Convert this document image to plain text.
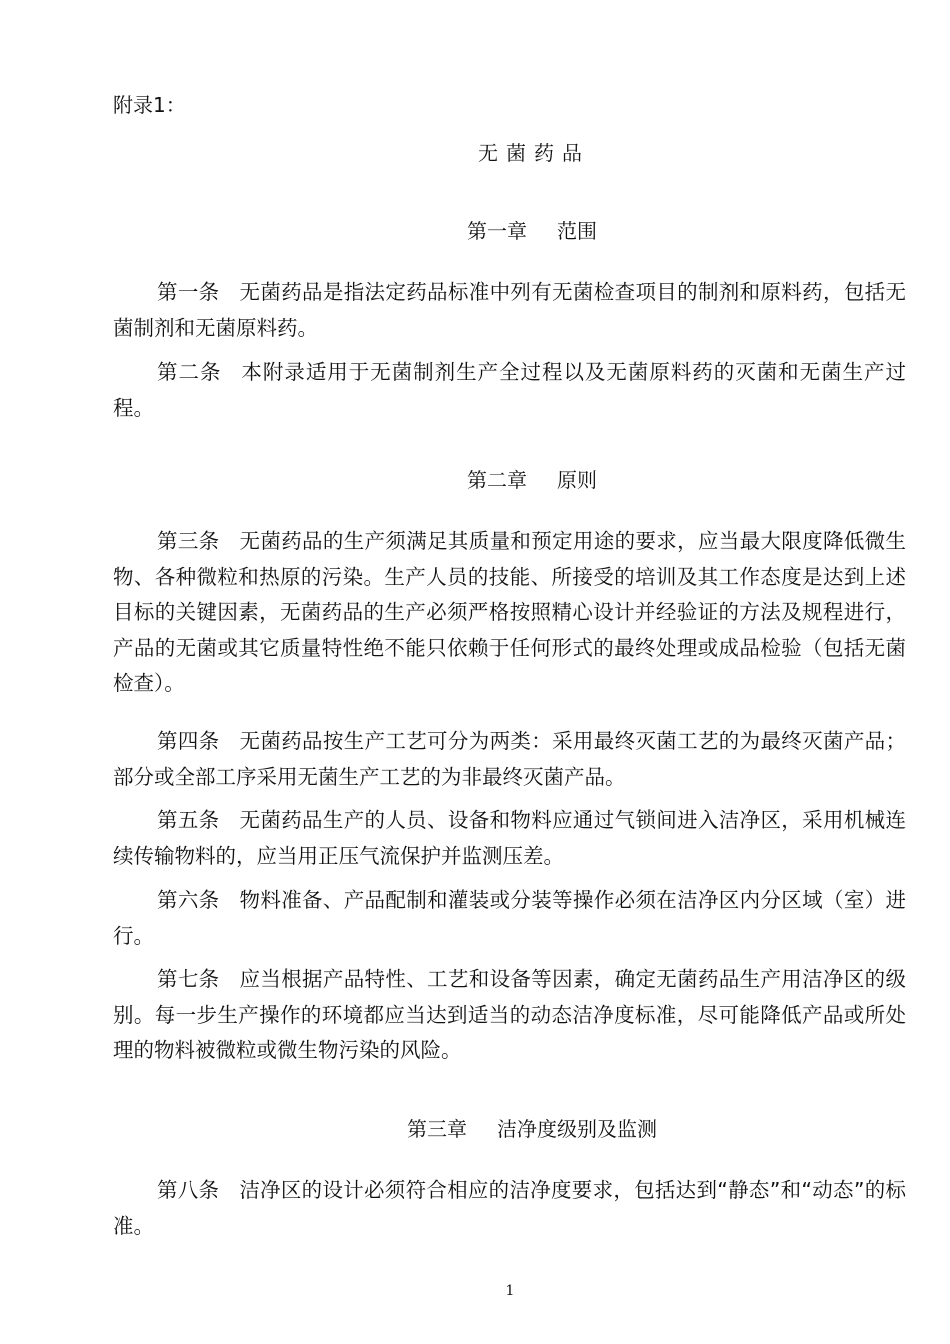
附录1：
无菌药品
第一章 范围
第一条 无菌药品是指法定药品标准中列有无菌检查项目的制剂和原料药，包括无菌制剂和无菌原料药。
第二条 本附录适用于无菌制剂生产全过程以及无菌原料药的灭菌和无菌生产过程。
第二章 原则
第三条 无菌药品的生产须满足其质量和预定用途的要求，应当最大限度降低微生物、各种微粒和热原的污染。生产人员的技能、所接受的培训及其工作态度是达到上述目标的关键因素，无菌药品的生产必须严格按照精心设计并经验证的方法及规程进行，产品的无菌或其它质量特性绝不能只依赖于任何形式的最终处理或成品检验（包括无菌检查）。
第四条 无菌药品按生产工艺可分为两类：采用最终灭菌工艺的为最终灭菌产品；部分或全部工序采用无菌生产工艺的为非最终灭菌产品。
第五条 无菌药品生产的人员、设备和物料应通过气锁间进入洁净区，采用机械连续传输物料的，应当用正压气流保护并监测压差。
第六条 物料准备、产品配制和灌装或分装等操作必须在洁净区内分区域（室）进行。
第七条 应当根据产品特性、工艺和设备等因素，确定无菌药品生产用洁净区的级别。每一步生产操作的环境都应当达到适当的动态洁净度标准，尽可能降低产品或所处理的物料被微粒或微生物污染的风险。
第三章 洁净度级别及监测
第八条 洁净区的设计必须符合相应的洁净度要求，包括达到“静态”和“动态”的标准。
1
